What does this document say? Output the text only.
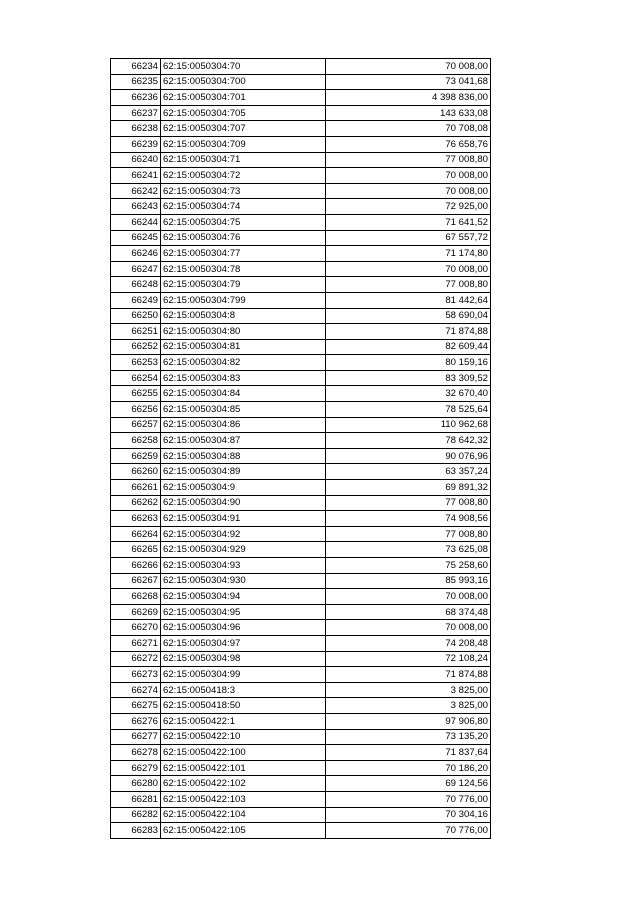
66234	62:15:0050304:70	70 008,00
66235	62:15:0050304:700	73 041,68
66236	62:15:0050304:701	4 398 836,00
66237	62:15:0050304:705	143 633,08
66238	62:15:0050304:707	70 708,08
66239	62:15:0050304:709	76 658,76
66240	62:15:0050304:71	77 008,80
66241	62:15:0050304:72	70 008,00
66242	62:15:0050304:73	70 008,00
66243	62:15:0050304:74	72 925,00
66244	62:15:0050304:75	71 641,52
66245	62:15:0050304:76	67 557,72
66246	62:15:0050304:77	71 174,80
66247	62:15:0050304:78	70 008,00
66248	62:15:0050304:79	77 008,80
66249	62:15:0050304:799	81 442,64
66250	62:15:0050304:8	58 690,04
66251	62:15:0050304:80	71 874,88
66252	62:15:0050304:81	82 609,44
66253	62:15:0050304:82	80 159,16
66254	62:15:0050304:83	83 309,52
66255	62:15:0050304:84	32 670,40
66256	62:15:0050304:85	78 525,64
66257	62:15:0050304:86	110 962,68
66258	62:15:0050304:87	78 642,32
66259	62:15:0050304:88	90 076,96
66260	62:15:0050304:89	63 357,24
66261	62:15:0050304:9	69 891,32
66262	62:15:0050304:90	77 008,80
66263	62:15:0050304:91	74 908,56
66264	62:15:0050304:92	77 008,80
66265	62:15:0050304:929	73 625,08
66266	62:15:0050304:93	75 258,60
66267	62:15:0050304:930	85 993,16
66268	62:15:0050304:94	70 008,00
66269	62:15:0050304:95	68 374,48
66270	62:15:0050304:96	70 008,00
66271	62:15:0050304:97	74 208,48
66272	62:15:0050304:98	72 108,24
66273	62:15:0050304:99	71 874,88
66274	62:15:0050418:3	3 825,00
66275	62:15:0050418:50	3 825,00
66276	62:15:0050422:1	97 906,80
66277	62:15:0050422:10	73 135,20
66278	62:15:0050422:100	71 837,64
66279	62:15:0050422:101	70 186,20
66280	62:15:0050422:102	69 124,56
66281	62:15:0050422:103	70 776,00
66282	62:15:0050422:104	70 304,16
66283	62:15:0050422:105	70 776,00
